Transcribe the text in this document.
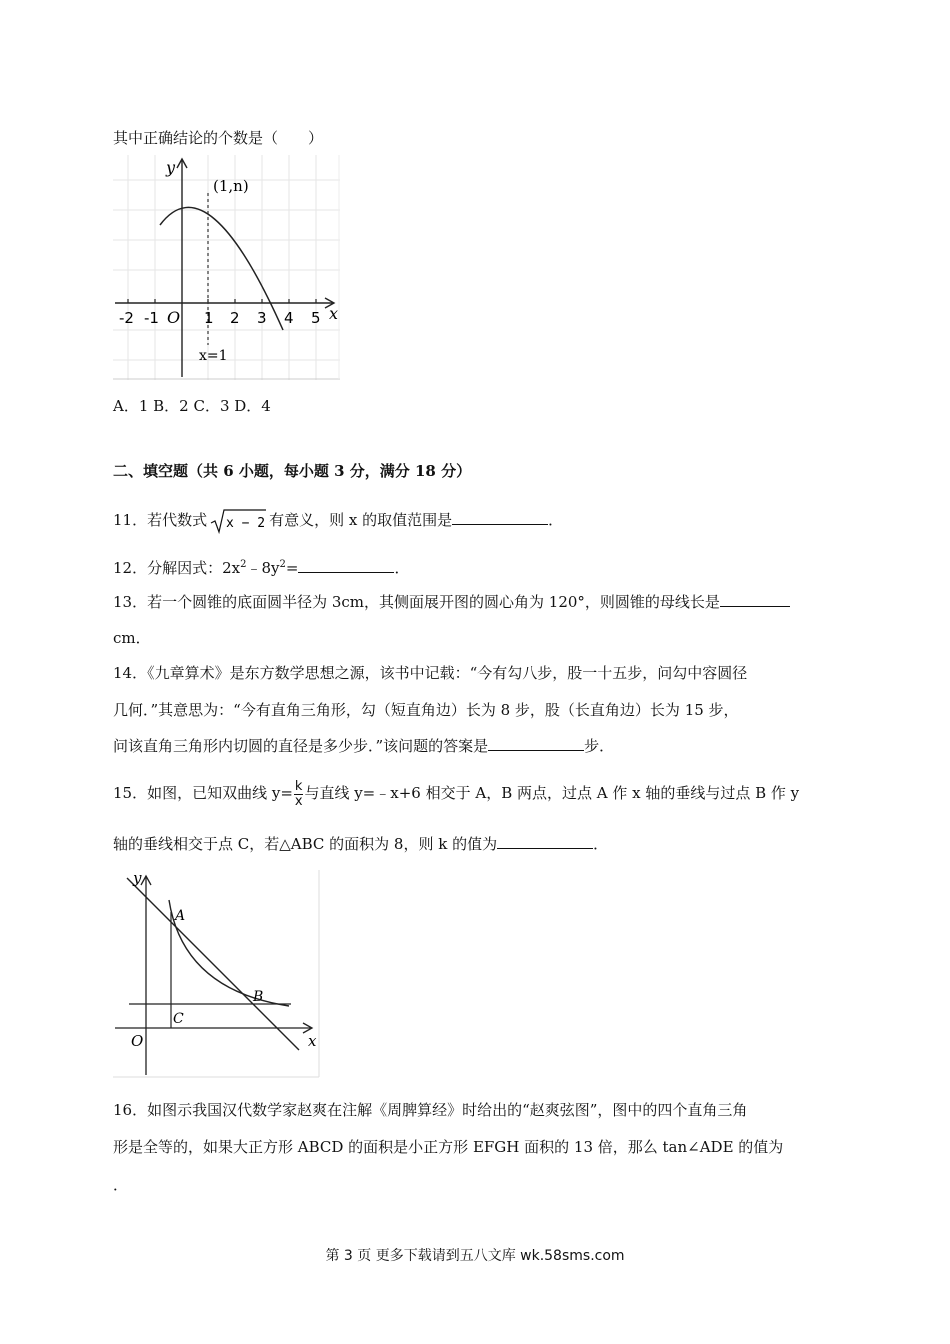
其中正确结论的个数是（　　）
y
x
(1,n)
O
-2 -1	1 2 3 4 5
x=1
A．1 B．2 C．3 D．4
二、填空题（共 6 小题，每小题 3 分，满分 18 分）
11．若代数式 x − 2 有意义，则 x 的取值范围是	．
12．分解因式：$2x^2﹣8y^2=$	．
13．若一个圆锥的底面圆半径为 3cm，其侧面展开图的圆心角为 120°，则圆锥的母线长是
cm．
14．《九章算术》是东方数学思想之源，该书中记载：“今有勾八步，股一十五步，问勾中容圆径
几何．”其意思为：“今有直角三角形，勾（短直角边）长为 8 步，股（长直角边）长为 15 步，
问该直角三角形内切圆的直径是多少步．”该问题的答案是	步．
15．如图，已知双曲线 $y= \frac{k}{x}$ 与直线 y=﹣x+6 相交于 A，B 两点，过点 A 作 x 轴的垂线与过点 B 作 y
轴的垂线相交于点 C，若△ABC 的面积为 8，则 k 的值为	．
y
x
O
A
B
C
16．如图示我国汉代数学家赵爽在注解《周脾算经》时给出的“赵爽弦图”，图中的四个直角三角
形是全等的，如果大正方形 ABCD 的面积是小正方形 EFGH 面积的 13 倍，那么 tan∠ADE 的值为
．
第 3 页 更多下载请到五八文库 wk.58sms.com
